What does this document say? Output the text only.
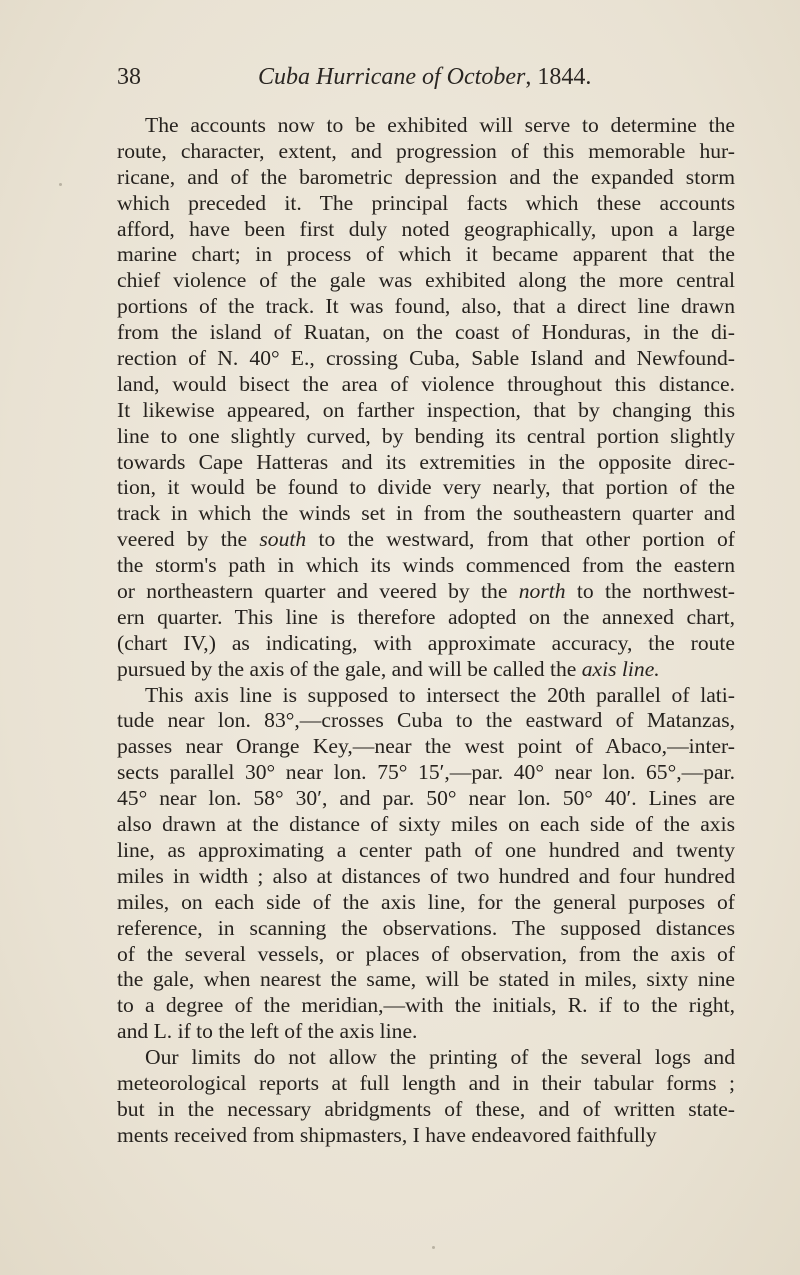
38	Cuba Hurricane of October, 1844.
The accounts now to be exhibited will serve to determine the
route, character, extent, and progression of this memorable hur-
ricane, and of the barometric depression and the expanded storm
which preceded it. The principal facts which these accounts
afford, have been first duly noted geographically, upon a large
marine chart; in process of which it became apparent that the
chief violence of the gale was exhibited along the more central
portions of the track. It was found, also, that a direct line drawn
from the island of Ruatan, on the coast of Honduras, in the di-
rection of N. 40° E., crossing Cuba, Sable Island and Newfound-
land, would bisect the area of violence throughout this distance.
It likewise appeared, on farther inspection, that by changing this
line to one slightly curved, by bending its central portion slightly
towards Cape Hatteras and its extremities in the opposite direc-
tion, it would be found to divide very nearly, that portion of the
track in which the winds set in from the southeastern quarter and
veered by the south to the westward, from that other portion of
the storm's path in which its winds commenced from the eastern
or northeastern quarter and veered by the north to the northwest-
ern quarter. This line is therefore adopted on the annexed chart,
(chart IV,) as indicating, with approximate accuracy, the route
pursued by the axis of the gale, and will be called the axis line.
This axis line is supposed to intersect the 20th parallel of lati-
tude near lon. 83°,—crosses Cuba to the eastward of Matanzas,
passes near Orange Key,—near the west point of Abaco,—inter-
sects parallel 30° near lon. 75° 15′,—par. 40° near lon. 65°,—par.
45° near lon. 58° 30′, and par. 50° near lon. 50° 40′. Lines are
also drawn at the distance of sixty miles on each side of the axis
line, as approximating a center path of one hundred and twenty
miles in width ; also at distances of two hundred and four hundred
miles, on each side of the axis line, for the general purposes of
reference, in scanning the observations. The supposed distances
of the several vessels, or places of observation, from the axis of
the gale, when nearest the same, will be stated in miles, sixty nine
to a degree of the meridian,—with the initials, R. if to the right,
and L. if to the left of the axis line.
Our limits do not allow the printing of the several logs and
meteorological reports at full length and in their tabular forms ;
but in the necessary abridgments of these, and of written state-
ments received from shipmasters, I have endeavored faithfully
